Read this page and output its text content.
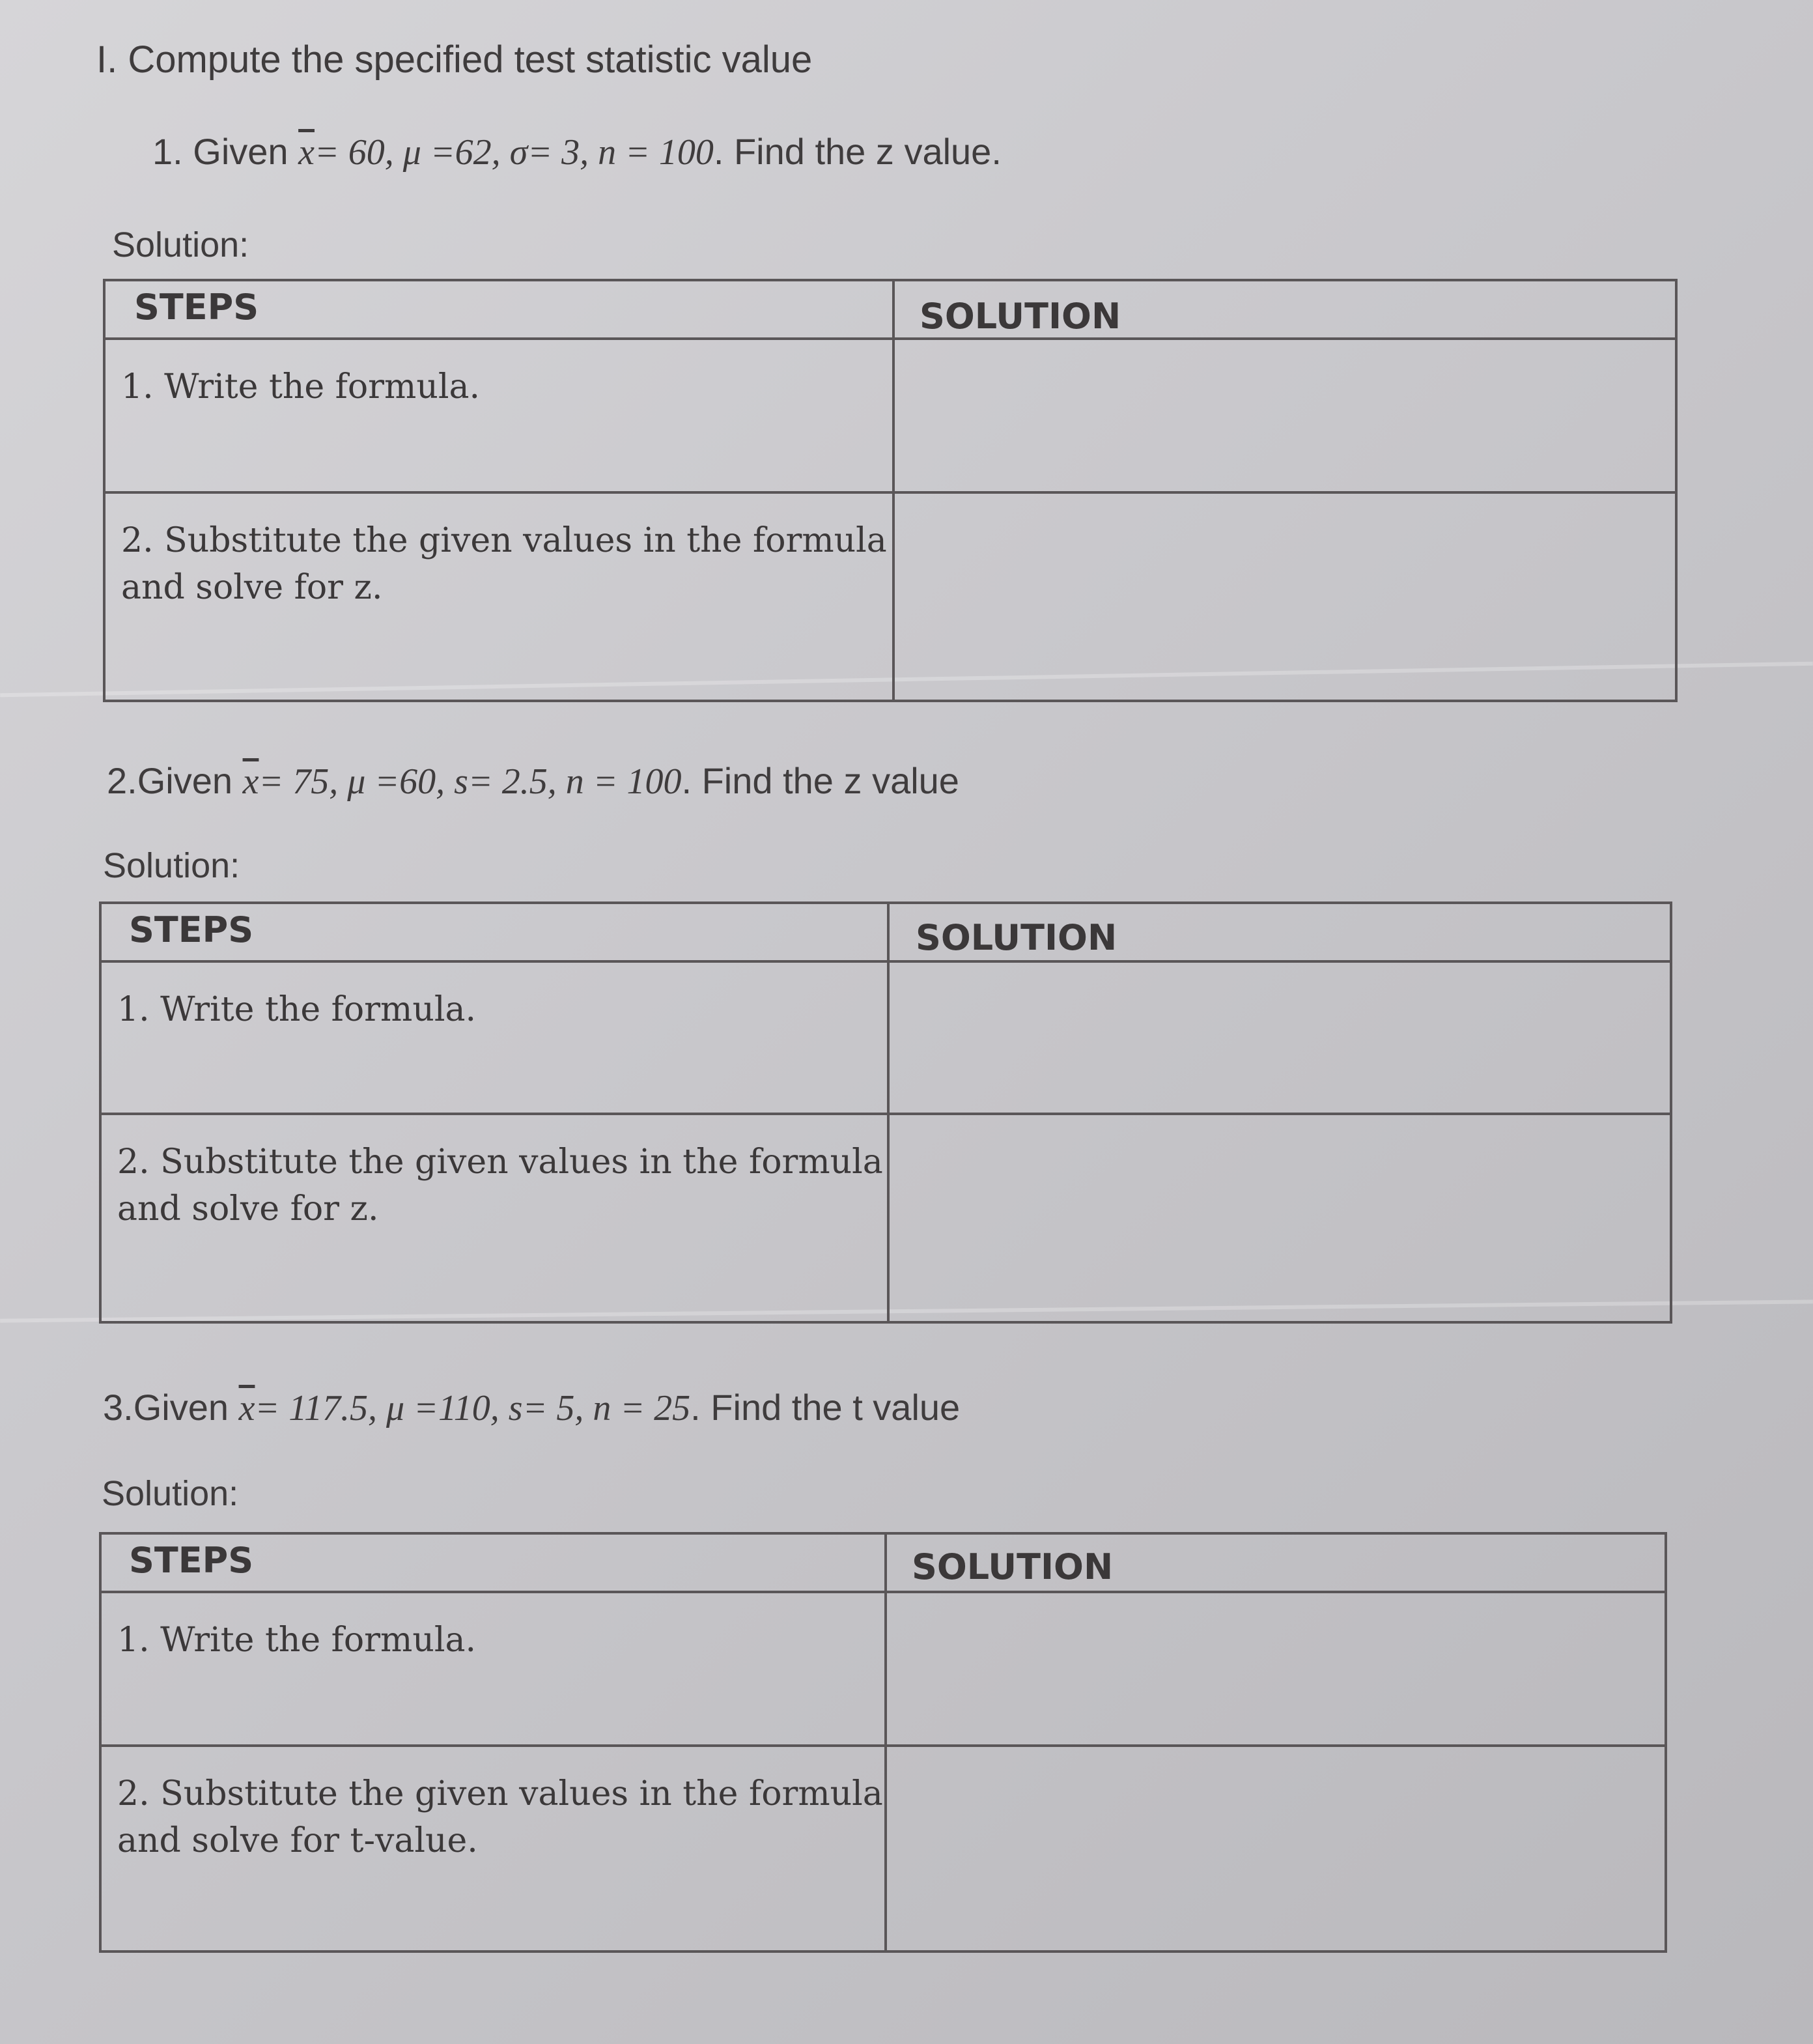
I. Compute the specified test statistic value
1. Given $\overline{x}= 60$, μ =62, σ= 3, n = 100. Find the z value.
Solution:
STEPS	SOLUTION

1. Write the formula.	
2. Substitute the given values in the formula and solve for z.	
2.Given $\overline{x}= 75$, μ =60, s= 2.5, n = 100. Find the z value
Solution:
STEPS	SOLUTION

1. Write the formula.	
2. Substitute the given values in the formula and solve for z.	
3.Given $\overline{x}= 117.5$, μ =110, s= 5, n = 25. Find the t value
Solution:
STEPS	SOLUTION

1. Write the formula.	
2. Substitute the given values in the formula and solve for t-value.	
